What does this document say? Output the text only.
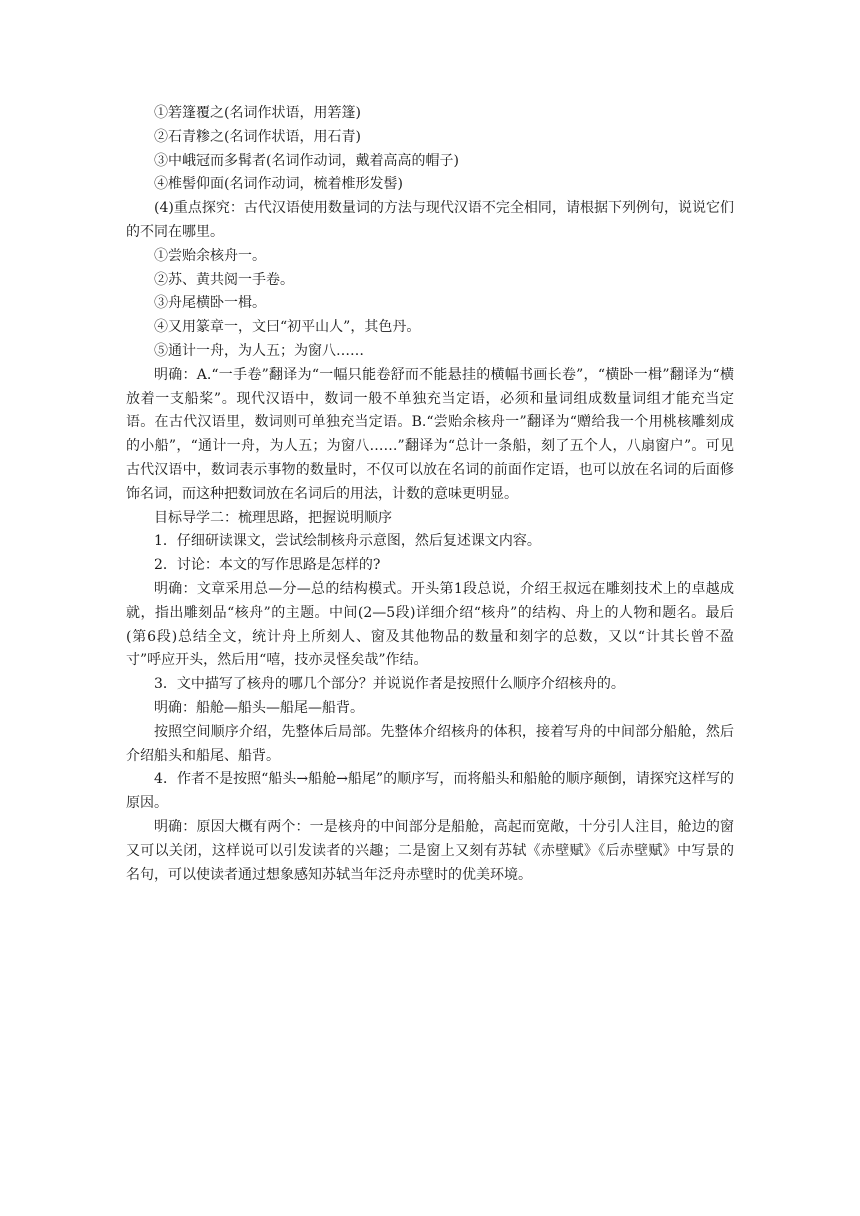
①箬篷覆之(名词作状语，用箬篷)

②石青糁之(名词作状语，用石青)

③中峨冠而多髯者(名词作动词，戴着高高的帽子)

④椎髻仰面(名词作动词，梳着椎形发髻)

(4)重点探究：古代汉语使用数量词的方法与现代汉语不完全相同，请根据下列例句，说说它们的不同在哪里。

①尝贻余核舟一。

②苏、黄共阅一手卷。

③舟尾横卧一楫。

④又用篆章一，文曰“初平山人”，其色丹。

⑤通计一舟，为人五；为窗八……

明确：A.“一手卷”翻译为“一幅只能卷舒而不能悬挂的横幅书画长卷”，“横卧一楫”翻译为“横放着一支船桨”。现代汉语中，数词一般不单独充当定语，必须和量词组成数量词组才能充当定语。在古代汉语里，数词则可单独充当定语。B.“尝贻余核舟一”翻译为“赠给我一个用桃核雕刻成的小船”，“通计一舟，为人五；为窗八……”翻译为“总计一条船，刻了五个人，八扇窗户”。可见古代汉语中，数词表示事物的数量时，不仅可以放在名词的前面作定语，也可以放在名词的后面修饰名词，而这种把数词放在名词后的用法，计数的意味更明显。

目标导学二：梳理思路，把握说明顺序

1．仔细研读课文，尝试绘制核舟示意图，然后复述课文内容。

2．讨论：本文的写作思路是怎样的?

明确：文章采用总—分—总的结构模式。开头第1段总说，介绍王叔远在雕刻技术上的卓越成就，指出雕刻品“核舟”的主题。中间(2—5段)详细介绍“核舟”的结构、舟上的人物和题名。最后(第6段)总结全文，统计舟上所刻人、窗及其他物品的数量和刻字的总数，又以“计其长曾不盈寸”呼应开头，然后用“嘻，技亦灵怪矣哉”作结。

3．文中描写了核舟的哪几个部分？并说说作者是按照什么顺序介绍核舟的。

明确：船舱—船头—船尾—船背。

按照空间顺序介绍，先整体后局部。先整体介绍核舟的体积，接着写舟的中间部分船舱，然后介绍船头和船尾、船背。

4．作者不是按照“船头→船舱→船尾”的顺序写，而将船头和船舱的顺序颠倒，请探究这样写的原因。

明确：原因大概有两个：一是核舟的中间部分是船舱，高起而宽敞，十分引人注目，舱边的窗又可以关闭，这样说可以引发读者的兴趣；二是窗上又刻有苏轼《赤壁赋》《后赤壁赋》中写景的名句，可以使读者通过想象感知苏轼当年泛舟赤壁时的优美环境。
